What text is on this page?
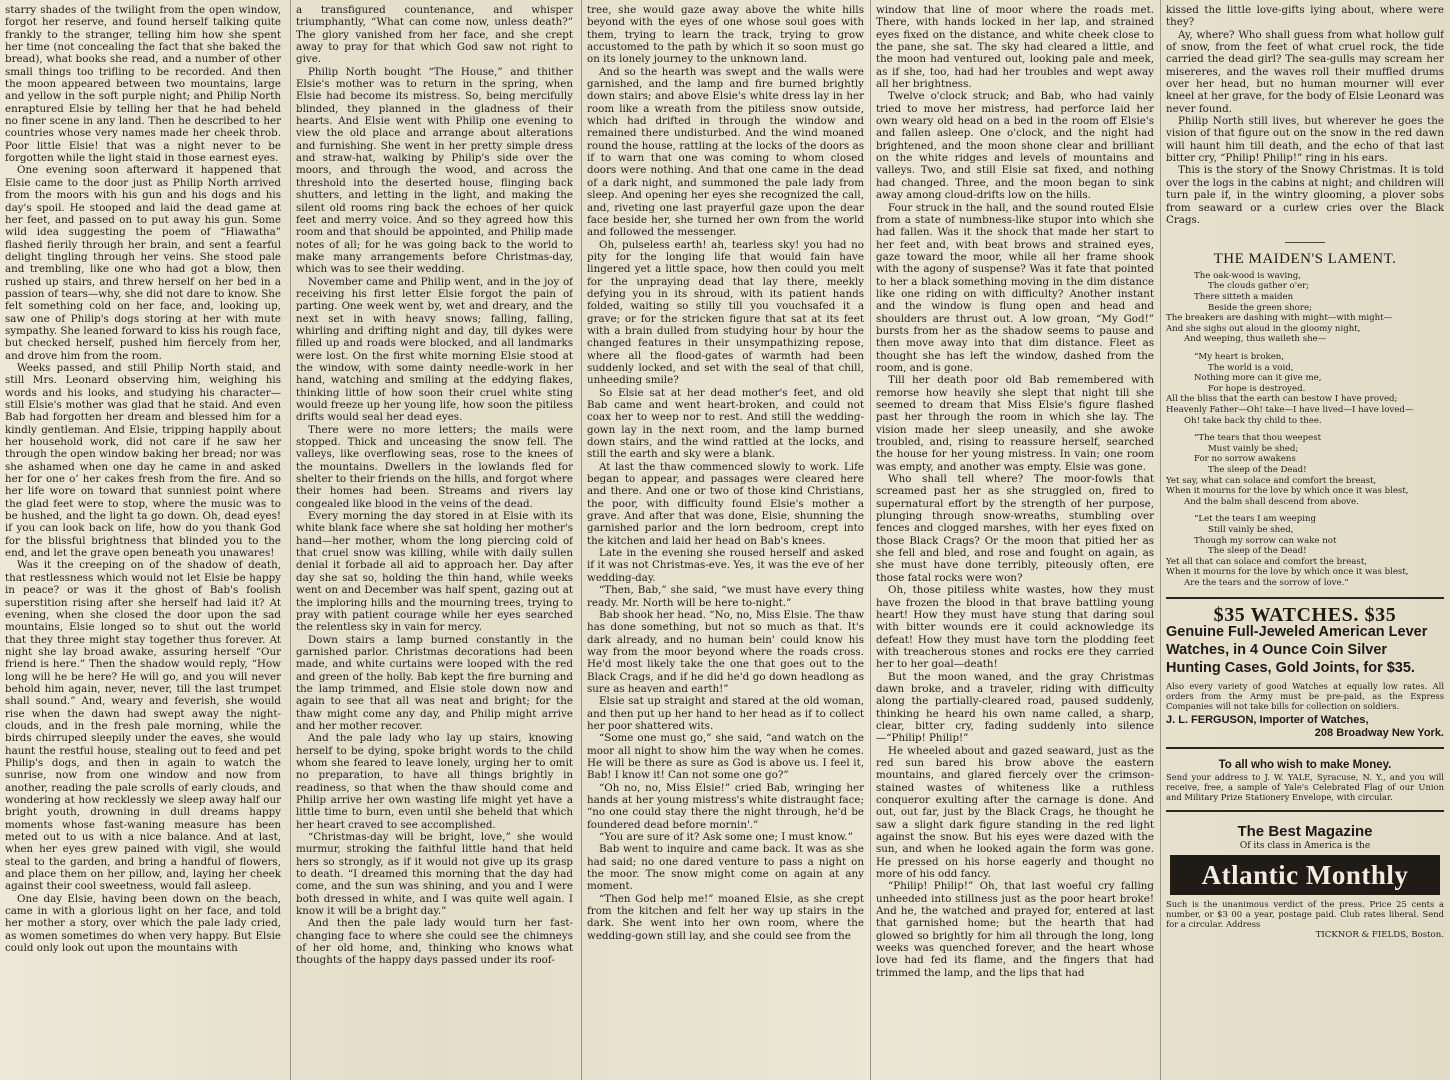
starry shades of the twilight from the open window, forgot her reserve, and found herself talking quite frankly to the stranger, telling him how she spent her time (not concealing the fact that she baked the bread), what books she read, and a number of other small things too trifling to be recorded. And then the moon appeared between two mountains, large and yellow in the soft purple night; and Philip North enraptured Elsie by telling her that he had beheld no finer scene in any land. Then he described to her countries whose very names made her cheek throb. Poor little Elsie! that was a night never to be forgotten while the light staid in those earnest eyes.

One evening soon afterward it happened that Elsie came to the door just as Philip North arrived from the moors with his gun and his dogs and his day's spoil. He stooped and laid the dead game at her feet, and passed on to put away his gun. Some wild idea suggesting the poem of “Hiawatha” flashed fierily through her brain, and sent a fearful delight tingling through her veins. She stood pale and trembling, like one who had got a blow, then rushed up stairs, and threw herself on her bed in a passion of tears—why, she did not dare to know. She felt something cold on her face, and, looking up, saw one of Philip's dogs storing at her with mute sympathy. She leaned forward to kiss his rough face, but checked herself, pushed him fiercely from her, and drove him from the room.

Weeks passed, and still Philip North staid, and still Mrs. Leonard observing him, weighing his words and his looks, and studying his character—still Elsie's mother was glad that he staid. And even Bab had forgotten her dream and blessed him for a kindly gentleman. And Elsie, tripping happily about her household work, did not care if he saw her through the open window baking her bread; nor was she ashamed when one day he came in and asked her for one o’ her cakes fresh from the fire. And so her life wore on toward that sunniest point where the glad feet were to stop, where the music was to be hushed, and the light ta go down. Oh, dead eyes! if you can look back on life, how do you thank God for the blissful brightness that blinded you to the end, and let the grave open beneath you unawares!

Was it the creeping on of the shadow of death, that restlessness which would not let Elsie be happy in peace? or was it the ghost of Bab's foolish superstition rising after she herself had laid it? At evening, when she closed the door upon the sad mountains, Elsie longed so to shut out the world that they three might stay together thus forever. At night she lay broad awake, assuring herself “Our friend is here.” Then the shadow would reply, “How long will he be here? He will go, and you will never behold him again, never, never, till the last trumpet shall sound.” And, weary and feverish, she would rise when the dawn had swept away the night-clouds, and in the fresh pale morning, while the birds chirruped sleepily under the eaves, she would haunt the restful house, stealing out to feed and pet Philip's dogs, and then in again to watch the sunrise, now from one window and now from another, reading the pale scrolls of early clouds, and wondering at how recklessly we sleep away half our bright youth, drowning in dull dreams happy moments whose fast-waning measure has been meted out to us with a nice balance. And at last, when her eyes grew pained with vigil, she would steal to the garden, and bring a handful of flowers, and place them on her pillow, and, laying her cheek against their cool sweetness, would fall asleep.

One day Elsie, having been down on the beach, came in with a glorious light on her face, and told her mother a story, over which the pale lady cried, as women sometimes do when very happy. But Elsie could only look out upon the mountains with

a transfigured countenance, and whisper triumphantly, “What can come now, unless death?” The glory vanished from her face, and she crept away to pray for that which God saw not right to give.

Philip North bought “The House,” and thither Elsie's mother was to return in the spring, when Elsie had become its mistress. So, being mercifully blinded, they planned in the gladness of their hearts. And Elsie went with Philip one evening to view the old place and arrange about alterations and furnishing. She went in her pretty simple dress and straw-hat, walking by Philip's side over the moors, and through the wood, and across the threshold into the deserted house, flinging back shutters, and letting in the light, and making the silent old rooms ring back the echoes of her quick feet and merry voice. And so they agreed how this room and that should be appointed, and Philip made notes of all; for he was going back to the world to make many arrangements before Christmas-day, which was to see their wedding.

November came and Philip went, and in the joy of receiving his first letter Elsie forgot the pain of parting. One week went by, wet and dreary, and the next set in with heavy snows; falling, falling, whirling and drifting night and day, till dykes were filled up and roads were blocked, and all landmarks were lost. On the first white morning Elsie stood at the window, with some dainty needle-work in her hand, watching and smiling at the eddying flakes, thinking little of how soon their cruel white sting would freeze up her young life, how soon the pitiless drifts would seal her dead eyes.

There were no more letters; the mails were stopped. Thick and unceasing the snow fell. The valleys, like overflowing seas, rose to the knees of the mountains. Dwellers in the lowlands fled for shelter to their friends on the hills, and forgot where their homes had been. Streams and rivers lay congealed like blood in the veins of the dead.

Every morning the day stored in at Elsie with its white blank face where she sat holding her mother's hand—her mother, whom the long piercing cold of that cruel snow was killing, while with daily sullen denial it forbade all aid to approach her. Day after day she sat so, holding the thin hand, while weeks went on and December was half spent, gazing out at the imploring hills and the mourning trees, trying to pray with patient courage while her eyes searched the relentless sky in vain for mercy.

Down stairs a lamp burned constantly in the garnished parlor. Christmas decorations had been made, and white curtains were looped with the red and green of the holly. Bab kept the fire burning and the lamp trimmed, and Elsie stole down now and again to see that all was neat and bright; for the thaw might come any day, and Philip might arrive and her mother recover.

And the pale lady who lay up stairs, knowing herself to be dying, spoke bright words to the child whom she feared to leave lonely, urging her to omit no preparation, to have all things brightly in readiness, so that when the thaw should come and Philip arrive her own wasting life might yet have a little time to burn, even until she beheld that which her heart craved to see accomplished.

“Christmas-day will be bright, love,” she would murmur, stroking the faithful little hand that held hers so strongly, as if it would not give up its grasp to death. “I dreamed this morning that the day had come, and the sun was shining, and you and I were both dressed in white, and I was quite well again. I know it will be a bright day.”

And then the pale lady would turn her fast-changing face to where she could see the chimneys of her old home, and, thinking who knows what thoughts of the happy days passed under its roof-

tree, she would gaze away above the white hills beyond with the eyes of one whose soul goes with them, trying to learn the track, trying to grow accustomed to the path by which it so soon must go on its lonely journey to the unknown land.

And so the hearth was swept and the walls were garnished, and the lamp and fire burned brightly down stairs; and above Elsie's white dress lay in her room like a wreath from the pitiless snow outside, which had drifted in through the window and remained there undisturbed. And the wind moaned round the house, rattling at the locks of the doors as if to warn that one was coming to whom closed doors were nothing. And that one came in the dead of a dark night, and summoned the pale lady from sleep. And opening her eyes she recognized the call, and, riveting one last prayerful gaze upon the dear face beside her, she turned her own from the world and followed the messenger.

Oh, pulseless earth! ah, tearless sky! you had no pity for the longing life that would fain have lingered yet a little space, how then could you melt for the unpraying dead that lay there, meekly defying you in its shroud, with its patient hands folded, waiting so stilly till you vouchsafed it a grave; or for the stricken figure that sat at its feet with a brain dulled from studying hour by hour the changed features in their unsympathizing repose, where all the flood-gates of warmth had been suddenly locked, and set with the seal of that chill, unheeding smile?

So Elsie sat at her dead mother's feet, and old Bab came and went heart-broken, and could not coax her to weep nor to rest. And still the wedding-gown lay in the next room, and the lamp burned down stairs, and the wind rattled at the locks, and still the earth and sky were a blank.

At last the thaw commenced slowly to work. Life began to appear, and passages were cleared here and there. And one or two of those kind Christians, the poor, with difficulty found Elsie's mother a grave. And after that was done, Elsie, shunning the garnished parlor and the lorn bedroom, crept into the kitchen and laid her head on Bab's knees.

Late in the evening she roused herself and asked if it was not Christmas-eve. Yes, it was the eve of her wedding-day.

“Then, Bab,” she said, “we must have every thing ready. Mr. North will be here to-night.”

Bab shook her head. “No, no, Miss Elsie. The thaw has done something, but not so much as that. It's dark already, and no human bein' could know his way from the moor beyond where the roads cross. He'd most likely take the one that goes out to the Black Crags, and if he did he'd go down headlong as sure as heaven and earth!”

Elsie sat up straight and stared at the old woman, and then put up her hand to her head as if to collect her poor shattered wits.

“Some one must go,” she said, “and watch on the moor all night to show him the way when he comes. He will be there as sure as God is above us. I feel it, Bab! I know it! Can not some one go?”

“Oh no, no, Miss Elsie!” cried Bab, wringing her hands at her young mistress's white distraught face; “no one could stay there the night through, he'd be foundered dead before mornin'.”

“You are sure of it? Ask some one; I must know.”

Bab went to inquire and came back. It was as she had said; no one dared venture to pass a night on the moor. The snow might come on again at any moment.

“Then God help me!” moaned Elsie, as she crept from the kitchen and felt her way up stairs in the dark. She went into her own room, where the wedding-gown still lay, and she could see from the

window that line of moor where the roads met. There, with hands locked in her lap, and strained eyes fixed on the distance, and white cheek close to the pane, she sat. The sky had cleared a little, and the moon had ventured out, looking pale and meek, as if she, too, had had her troubles and wept away all her brightness.

Twelve o'clock struck; and Bab, who had vainly tried to move her mistress, had perforce laid her own weary old head on a bed in the room off Elsie's and fallen asleep. One o'clock, and the night had brightened, and the moon shone clear and brilliant on the white ridges and levels of mountains and valleys. Two, and still Elsie sat fixed, and nothing had changed. Three, and the moon began to sink away among cloud-drifts low on the hills.

Four struck in the hall, and the sound routed Elsie from a state of numbness-like stupor into which she had fallen. Was it the shock that made her start to her feet and, with beat brows and strained eyes, gaze toward the moor, while all her frame shook with the agony of suspense? Was it fate that pointed to her a black something moving in the dim distance like one riding on with difficulty? Another instant and the window is flung open and head and shoulders are thrust out. A low groan, “My God!” bursts from her as the shadow seems to pause and then move away into that dim distance. Fleet as thought she has left the window, dashed from the room, and is gone.

Till her death poor old Bab remembered with remorse how heavily she slept that night till she seemed to dream that Miss Elsie's figure flashed past her through the room in which she lay. The vision made her sleep uneasily, and she awoke troubled, and, rising to reassure herself, searched the house for her young mistress. In vain; one room was empty, and another was empty. Elsie was gone.

Who shall tell where? The moor-fowls that screamed past her as she struggled on, fired to supernatural effort by the strength of her purpose, plunging through snow-wreaths, stumbling over fences and clogged marshes, with her eyes fixed on those Black Crags? Or the moon that pitied her as she fell and bled, and rose and fought on again, as she must have done terribly, piteously often, ere those fatal rocks were won?

Oh, those pitiless white wastes, how they must have frozen the blood in that brave battling young heart! How they must have stung that daring soul with bitter wounds ere it could acknowledge its defeat! How they must have torn the plodding feet with treacherous stones and rocks ere they carried her to her goal—death!

But the moon waned, and the gray Christmas dawn broke, and a traveler, riding with difficulty along the partially-cleared road, paused suddenly, thinking he heard his own name called, a sharp, clear, bitter cry, fading suddenly into silence—“Philip! Philip!”

He wheeled about and gazed seaward, just as the red sun bared his brow above the eastern mountains, and glared fiercely over the crimson-stained wastes of whiteness like a ruthless conqueror exulting after the carnage is done. And out, out far, just by the Black Crags, he thought he saw a slight dark figure standing in the red light against the snow. But his eyes were dazed with the sun, and when he looked again the form was gone. He pressed on his horse eagerly and thought no more of his odd fancy.

“Philip! Philip!” Oh, that last woeful cry falling unheeded into stillness just as the poor heart broke! And he, the watched and prayed for, entered at last that garnished home; but the hearth that had glowed so brightly for him all through the long, long weeks was quenched forever, and the heart whose love had fed its flame, and the fingers that had trimmed the lamp, and the lips that had

kissed the little love-gifts lying about, where were they?

Ay, where? Who shall guess from what hollow gulf of snow, from the feet of what cruel rock, the tide carried the dead girl? The sea-gulls may scream her misereres, and the waves roll their muffled drums over her head, but no human mourner will ever kneel at her grave, for the body of Elsie Leonard was never found.

Philip North still lives, but wherever he goes the vision of that figure out on the snow in the red dawn will haunt him till death, and the echo of that last bitter cry, “Philip! Philip!” ring in his ears.

This is the story of the Snowy Christmas. It is told over the logs in the cabins at night; and children will turn pale if, in the wintry glooming, a plover sobs from seaward or a curlew cries over the Black Crags.

THE MAIDEN'S LAMENT.
The oak-wood is waving,
The clouds gather o'er;
There sitteth a maiden
Beside the green shore;
The breakers are dashing with might—with might—
And she sighs out aloud in the gloomy night,
And weeping, thus waileth she—
“My heart is broken,
The world is a void,
Nothing more can it give me,
For hope is destroyed.
All the bliss that the earth can bestow I have proved;
Heavenly Father—Oh! take—I have lived—I have loved—
Oh! take back thy child to thee.
“The tears that thou weepest
Must vainly be shed;
For no sorrow awakens
The sleep of the Dead!
Yet say, what can solace and comfort the breast,
When it mourns for the love by which once it was blest,
And the balm shall descend from above.
“Let the tears I am weeping
Still vainly be shed,
Though my sorrow can wake not
The sleep of the Dead!
Yet all that can solace and comfort the breast,
When it mourns for the love by which once it was blest,
Are the tears and the sorrow of love.”
$35 WATCHES. $35
Genuine Full-Jeweled American Lever Watches, in 4 Ounce Coin Silver Hunting Cases, Gold Joints, for $35.
Also every variety of good Watches at equally low rates. All orders from the Army must be pre-paid, as the Express Companies will not take bills for collection on soldiers.
J. L. FERGUSON, Importer of Watches,
208 Broadway New York.
To all who wish to make Money.
Send your address to J. W. YALE, Syracuse, N. Y., and you will receive, free, a sample of Yale's Celebrated Flag of our Union and Military Prize Stationery Envelope, with circular.
The Best Magazine
Of its class in America is the
Atlantic Monthly
Such is the unanimous verdict of the press. Price 25 cents a number, or $3 00 a year, postage paid. Club rates liberal. Send for a circular. Address
TICKNOR & FIELDS, Boston.
